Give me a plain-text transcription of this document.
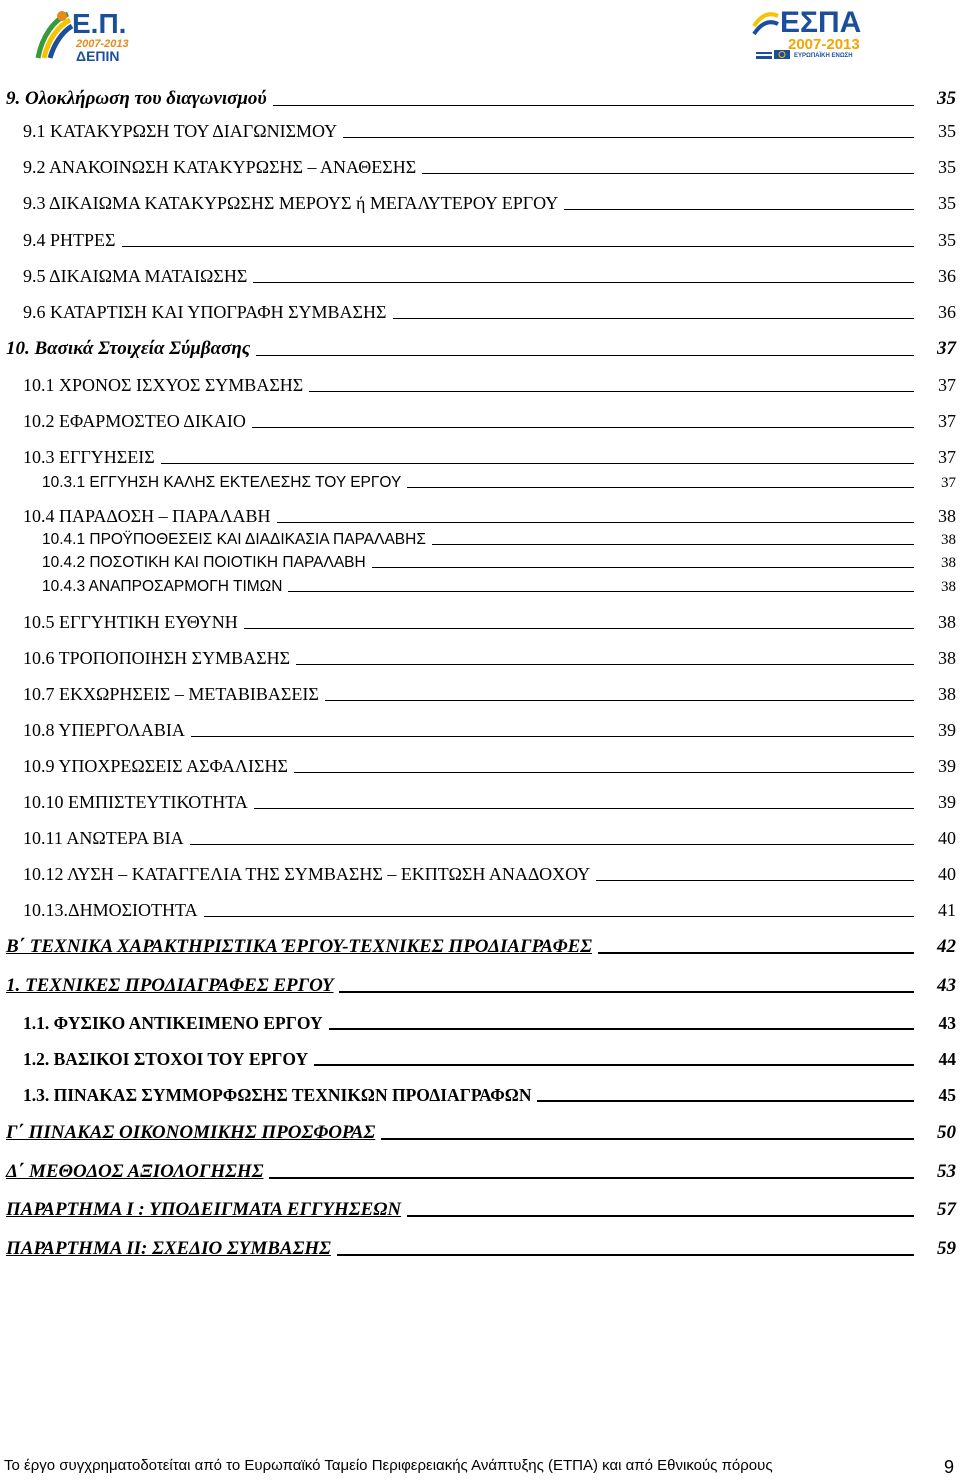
Ε.Π.
2007-2013
ΔΕΠΙΝ
ΕΣΠΑ
2007-2013
ΕΥΡΩΠΑΪΚΗ ΕΝΩΣΗ
9. Ολοκλήρωση του διαγωνισμού	35
9.1 ΚΑΤΑΚΥΡΩΣΗ ΤΟΥ ΔΙΑΓΩΝΙΣΜΟΥ	35
9.2 ΑΝΑΚΟΙΝΩΣΗ ΚΑΤΑΚΥΡΩΣΗΣ – ΑΝΑΘΕΣΗΣ	35
9.3 ΔΙΚΑΙΩΜΑ ΚΑΤΑΚΥΡΩΣΗΣ ΜΕΡΟΥΣ ή ΜΕΓΑΛΥΤΕΡΟΥ ΕΡΓΟΥ	35
9.4 ΡΗΤΡΕΣ	35
9.5 ΔΙΚΑΙΩΜΑ ΜΑΤΑΙΩΣΗΣ	36
9.6 ΚΑΤΑΡΤΙΣΗ ΚΑΙ ΥΠΟΓΡΑΦΗ ΣΥΜΒΑΣΗΣ	36
10. Βασικά Στοιχεία Σύμβασης	37
10.1 ΧΡΟΝΟΣ ΙΣΧΥΟΣ ΣΥΜΒΑΣΗΣ	37
10.2 ΕΦΑΡΜΟΣΤΕΟ ΔΙΚΑΙΟ	37
10.3 ΕΓΓΥΗΣΕΙΣ	37
10.3.1 ΕΓΓΥΗΣΗ ΚΑΛΗΣ ΕΚΤΕΛΕΣΗΣ ΤΟΥ ΕΡΓΟΥ	37
10.4 ΠΑΡΑΔΟΣΗ – ΠΑΡΑΛΑΒΗ	38
10.4.1 ΠΡΟΫΠΟΘΕΣΕΙΣ ΚΑΙ ΔΙΑΔΙΚΑΣΙΑ ΠΑΡΑΛΑΒΗΣ	38
10.4.2 ΠΟΣΟΤΙΚΗ ΚΑΙ ΠΟΙΟΤΙΚΗ ΠΑΡΑΛΑΒΗ	38
10.4.3 ΑΝΑΠΡΟΣΑΡΜΟΓΗ ΤΙΜΩΝ	38
10.5 ΕΓΓΥΗΤΙΚΗ ΕΥΘΥΝΗ	38
10.6 ΤΡΟΠΟΠΟΙΗΣΗ ΣΥΜΒΑΣΗΣ	38
10.7 ΕΚΧΩΡΗΣΕΙΣ – ΜΕΤΑΒΙΒΑΣΕΙΣ	38
10.8 ΥΠΕΡΓΟΛΑΒΙΑ	39
10.9 ΥΠΟΧΡΕΩΣΕΙΣ ΑΣΦΑΛΙΣΗΣ	39
10.10 ΕΜΠΙΣΤΕΥΤΙΚΟΤΗΤΑ	39
10.11 ΑΝΩΤΕΡΑ ΒΙΑ	40
10.12 ΛΥΣΗ – ΚΑΤΑΓΓΕΛΙΑ ΤΗΣ ΣΥΜΒΑΣΗΣ – ΕΚΠΤΩΣΗ ΑΝΑΔΟΧΟΥ	40
10.13.ΔΗΜΟΣΙΟΤΗΤΑ	41
Β΄ ΤΕΧΝΙΚΑ ΧΑΡΑΚΤΗΡΙΣΤΙΚΑ ΈΡΓΟΥ-ΤΕΧΝΙΚΕΣ ΠΡΟΔΙΑΓΡΑΦΕΣ	42
1. ΤΕΧΝΙΚΕΣ ΠΡΟΔΙΑΓΡΑΦΕΣ ΕΡΓΟΥ	43
1.1. ΦΥΣΙΚΟ ΑΝΤΙΚΕΙΜΕΝΟ ΕΡΓΟΥ	43
1.2. ΒΑΣΙΚΟΙ ΣΤΟΧΟΙ ΤΟΥ ΕΡΓΟΥ	44
1.3. ΠΙΝΑΚΑΣ ΣΥΜΜΟΡΦΩΣΗΣ ΤΕΧΝΙΚΩΝ ΠΡΟΔΙΑΓΡΑΦΩΝ	45
Γ΄ ΠΙΝΑΚΑΣ ΟΙΚΟΝΟΜΙΚΗΣ ΠΡΟΣΦΟΡΑΣ	50
Δ΄ ΜΕΘΟΔΟΣ ΑΞΙΟΛΟΓΗΣΗΣ	53
ΠΑΡΑΡΤΗΜΑ Ι : ΥΠΟΔΕΙΓΜΑΤΑ ΕΓΓΥΗΣΕΩΝ	57
ΠΑΡΑΡΤΗΜΑ ΙΙ: ΣΧΕΔΙΟ ΣΥΜΒΑΣΗΣ	59
Το έργο συγχρηματοδοτείται από το Ευρωπαϊκό Ταμείο Περιφερειακής Ανάπτυξης (ΕΤΠΑ) και από Εθνικούς πόρους	9
